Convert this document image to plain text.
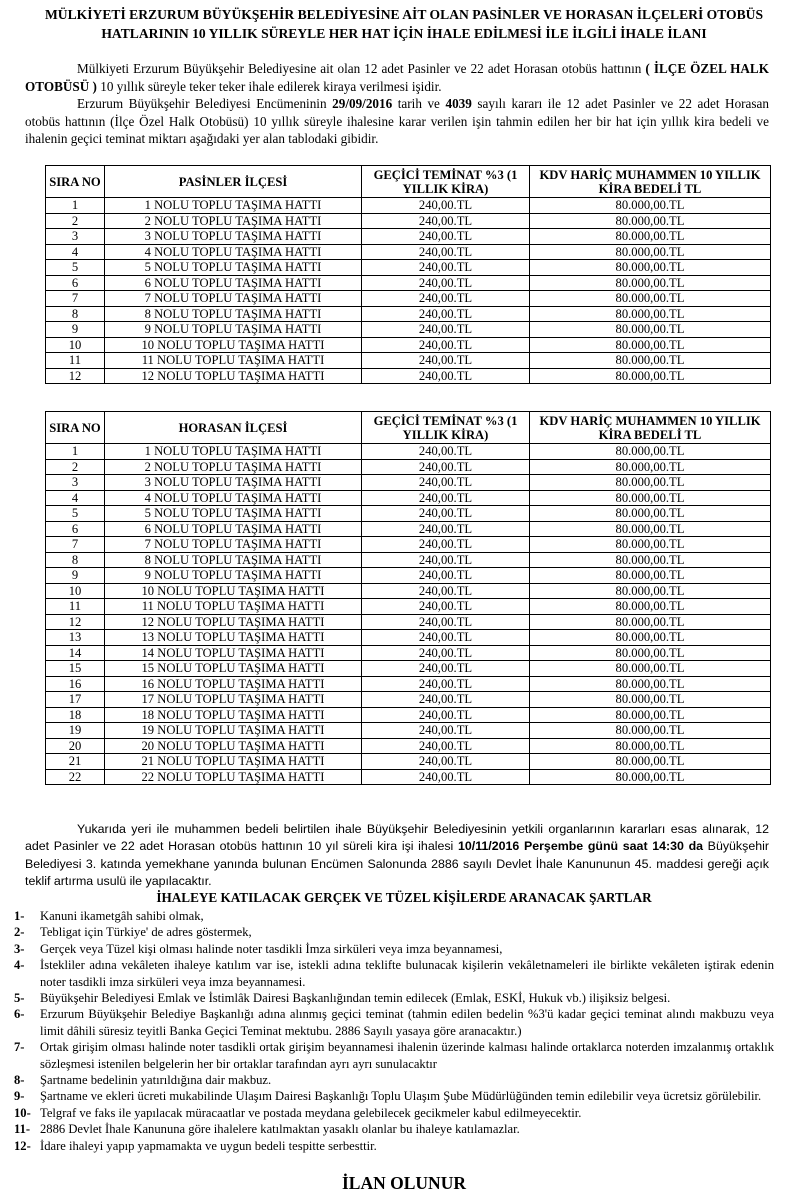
MÜLKİYETİ ERZURUM BÜYÜKŞEHİR BELEDİYESİNE AİT OLAN PASİNLER VE HORASAN İLÇELERİ OTOBÜS HATLARININ 10 YILLIK SÜREYLE HER HAT İÇİN İHALE EDİLMESİ İLE İLGİLİ İHALE İLANI

Mülkiyeti Erzurum Büyükşehir Belediyesine ait olan 12 adet Pasinler ve 22 adet Horasan otobüs hattının ( İLÇE ÖZEL HALK OTOBÜSÜ ) 10 yıllık süreyle teker teker ihale edilerek kiraya verilmesi işidir.

Erzurum Büyükşehir Belediyesi Encümeninin 29/09/2016 tarih ve 4039 sayılı kararı ile 12 adet Pasinler ve 22 adet Horasan otobüs hattının (İlçe Özel Halk Otobüsü) 10 yıllık süreyle ihalesine karar verilen işin tahmin edilen her bir hat için yıllık kira bedeli ve ihalenin geçici teminat miktarı aşağıdaki yer alan tablodaki gibidir.

SIRA NO	PASİNLER İLÇESİ	GEÇİCİ TEMİNAT %3 (1 YILLIK KİRA)	KDV HARİÇ MUHAMMEN 10 YILLIK KİRA BEDELİ TL
1	1 NOLU TOPLU TAŞIMA HATTI	240,00.TL	80.000,00.TL
2	2 NOLU TOPLU TAŞIMA HATTI	240,00.TL	80.000,00.TL
3	3 NOLU TOPLU TAŞIMA HATTI	240,00.TL	80.000,00.TL
4	4 NOLU TOPLU TAŞIMA HATTI	240,00.TL	80.000,00.TL
5	5 NOLU TOPLU TAŞIMA HATTI	240,00.TL	80.000,00.TL
6	6 NOLU TOPLU TAŞIMA HATTI	240,00.TL	80.000,00.TL
7	7 NOLU TOPLU TAŞIMA HATTI	240,00.TL	80.000,00.TL
8	8 NOLU TOPLU TAŞIMA HATTI	240,00.TL	80.000,00.TL
9	9 NOLU TOPLU TAŞIMA HATTI	240,00.TL	80.000,00.TL
10	10 NOLU TOPLU TAŞIMA HATTI	240,00.TL	80.000,00.TL
11	11 NOLU TOPLU TAŞIMA HATTI	240,00.TL	80.000,00.TL
12	12 NOLU TOPLU TAŞIMA HATTI	240,00.TL	80.000,00.TL
SIRA NO	HORASAN İLÇESİ	GEÇİCİ TEMİNAT %3 (1 YILLIK KİRA)	KDV HARİÇ MUHAMMEN 10 YILLIK KİRA BEDELİ TL
1	1 NOLU TOPLU TAŞIMA HATTI	240,00.TL	80.000,00.TL
2	2 NOLU TOPLU TAŞIMA HATTI	240,00.TL	80.000,00.TL
3	3 NOLU TOPLU TAŞIMA HATTI	240,00.TL	80.000,00.TL
4	4 NOLU TOPLU TAŞIMA HATTI	240,00.TL	80.000,00.TL
5	5 NOLU TOPLU TAŞIMA HATTI	240,00.TL	80.000,00.TL
6	6 NOLU TOPLU TAŞIMA HATTI	240,00.TL	80.000,00.TL
7	7 NOLU TOPLU TAŞIMA HATTI	240,00.TL	80.000,00.TL
8	8 NOLU TOPLU TAŞIMA HATTI	240,00.TL	80.000,00.TL
9	9 NOLU TOPLU TAŞIMA HATTI	240,00.TL	80.000,00.TL
10	10 NOLU TOPLU TAŞIMA HATTI	240,00.TL	80.000,00.TL
11	11 NOLU TOPLU TAŞIMA HATTI	240,00.TL	80.000,00.TL
12	12 NOLU TOPLU TAŞIMA HATTI	240,00.TL	80.000,00.TL
13	13 NOLU TOPLU TAŞIMA HATTI	240,00.TL	80.000,00.TL
14	14 NOLU TOPLU TAŞIMA HATTI	240,00.TL	80.000,00.TL
15	15 NOLU TOPLU TAŞIMA HATTI	240,00.TL	80.000,00.TL
16	16 NOLU TOPLU TAŞIMA HATTI	240,00.TL	80.000,00.TL
17	17 NOLU TOPLU TAŞIMA HATTI	240,00.TL	80.000,00.TL
18	18 NOLU TOPLU TAŞIMA HATTI	240,00.TL	80.000,00.TL
19	19 NOLU TOPLU TAŞIMA HATTI	240,00.TL	80.000,00.TL
20	20 NOLU TOPLU TAŞIMA HATTI	240,00.TL	80.000,00.TL
21	21 NOLU TOPLU TAŞIMA HATTI	240,00.TL	80.000,00.TL
22	22 NOLU TOPLU TAŞIMA HATTI	240,00.TL	80.000,00.TL

Yukarıda yeri ile muhammen bedeli belirtilen ihale Büyükşehir Belediyesinin yetkili organlarının kararları esas alınarak, 12 adet Pasinler ve 22 adet Horasan otobüs hattının 10 yıl süreli kira işi ihalesi 10/11/2016 Perşembe günü saat 14:30 da Büyükşehir Belediyesi 3. katında yemekhane yanında bulunan Encümen Salonunda 2886 sayılı Devlet İhale Kanununun 45. maddesi gereği açık teklif artırma usulü ile yapılacaktır.

İHALEYE KATILACAK GERÇEK VE TÜZEL KİŞİLERDE ARANACAK ŞARTLAR
1-	Kanuni ikametgâh sahibi olmak,
2-	Tebligat için Türkiye' de adres göstermek,
3-	Gerçek veya Tüzel kişi olması halinde noter tasdikli İmza sirküleri veya imza beyannamesi,
4-	İstekliler adına vekâleten ihaleye katılım var ise, istekli adına teklifte bulunacak kişilerin vekâletnameleri ile birlikte vekâleten iştirak edenin noter tasdikli imza sirküleri veya imza beyannamesi.
5-	Büyükşehir Belediyesi Emlak ve İstimlâk Dairesi Başkanlığından temin edilecek (Emlak, ESKİ, Hukuk vb.) ilişiksiz belgesi.
6-	Erzurum Büyükşehir Belediye Başkanlığı adına alınmış geçici teminat (tahmin edilen bedelin %3'ü kadar geçici teminat alındı makbuzu veya limit dâhili süresiz teyitli Banka Geçici Teminat mektubu. 2886 Sayılı yasaya göre aranacaktır.)
7-	Ortak girişim olması halinde noter tasdikli ortak girişim beyannamesi ihalenin üzerinde kalması halinde ortaklarca noterden imzalanmış ortaklık sözleşmesi istenilen belgelerin her bir ortaklar tarafından ayrı ayrı sunulacaktır
8-	Şartname bedelinin yatırıldığına dair makbuz.
9-	Şartname ve ekleri ücreti mukabilinde Ulaşım Dairesi Başkanlığı Toplu Ulaşım Şube Müdürlüğünden temin edilebilir veya ücretsiz görülebilir.
10- Telgraf ve faks ile yapılacak müracaatlar ve postada meydana gelebilecek gecikmeler kabul edilmeyecektir.
11- 2886 Devlet İhale Kanununa göre ihalelere katılmaktan yasaklı olanlar bu ihaleye katılamazlar.
12- İdare ihaleyi yapıp yapmamakta ve uygun bedeli tespitte serbesttir.
İLAN OLUNUR
